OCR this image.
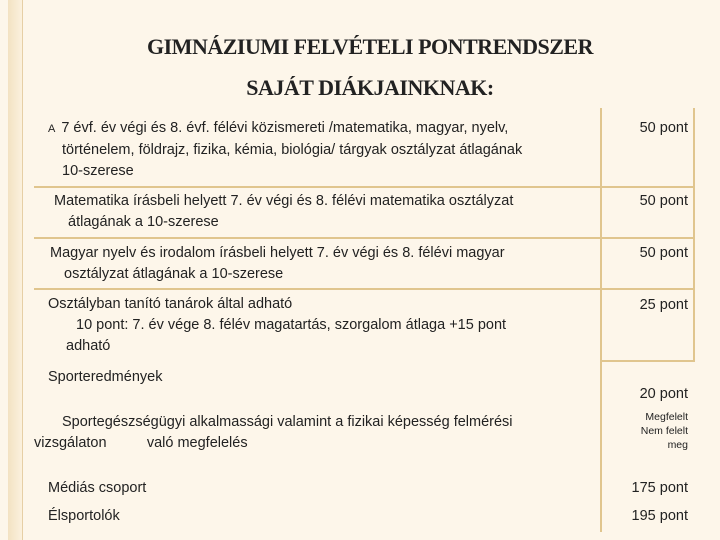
GIMNÁZIUMI FELVÉTELI PONTRENDSZER
SAJÁT DIÁKJAINKNAK:
A 7 évf. év végi és 8. évf. félévi közismereti /matematika, magyar, nyelv,
történelem, földrajz, fizika, kémia, biológia/ tárgyak osztályzat átlagának
10-szerese
50 pont
Matematika írásbeli helyett 7. év végi és 8. félévi matematika osztályzat
átlagának a 10-szerese
50 pont
Magyar nyelv és irodalom írásbeli helyett 7. év végi és 8. félévi magyar
osztályzat átlagának a 10-szerese
50 pont
Osztályban tanító tanárok által adható
10 pont: 7. év vége 8. félév magatartás, szorgalom átlaga +15 pont
adható
25 pont
Sporteredmények
20 pont
Sportegészségügyi alkalmassági valamint a fizikai képesség felmérési
vizsgálaton          való megfelelés
Megfelelt
Nem felelt
meg
Médiás csoport	175 pont
Élsportolók	195 pont
